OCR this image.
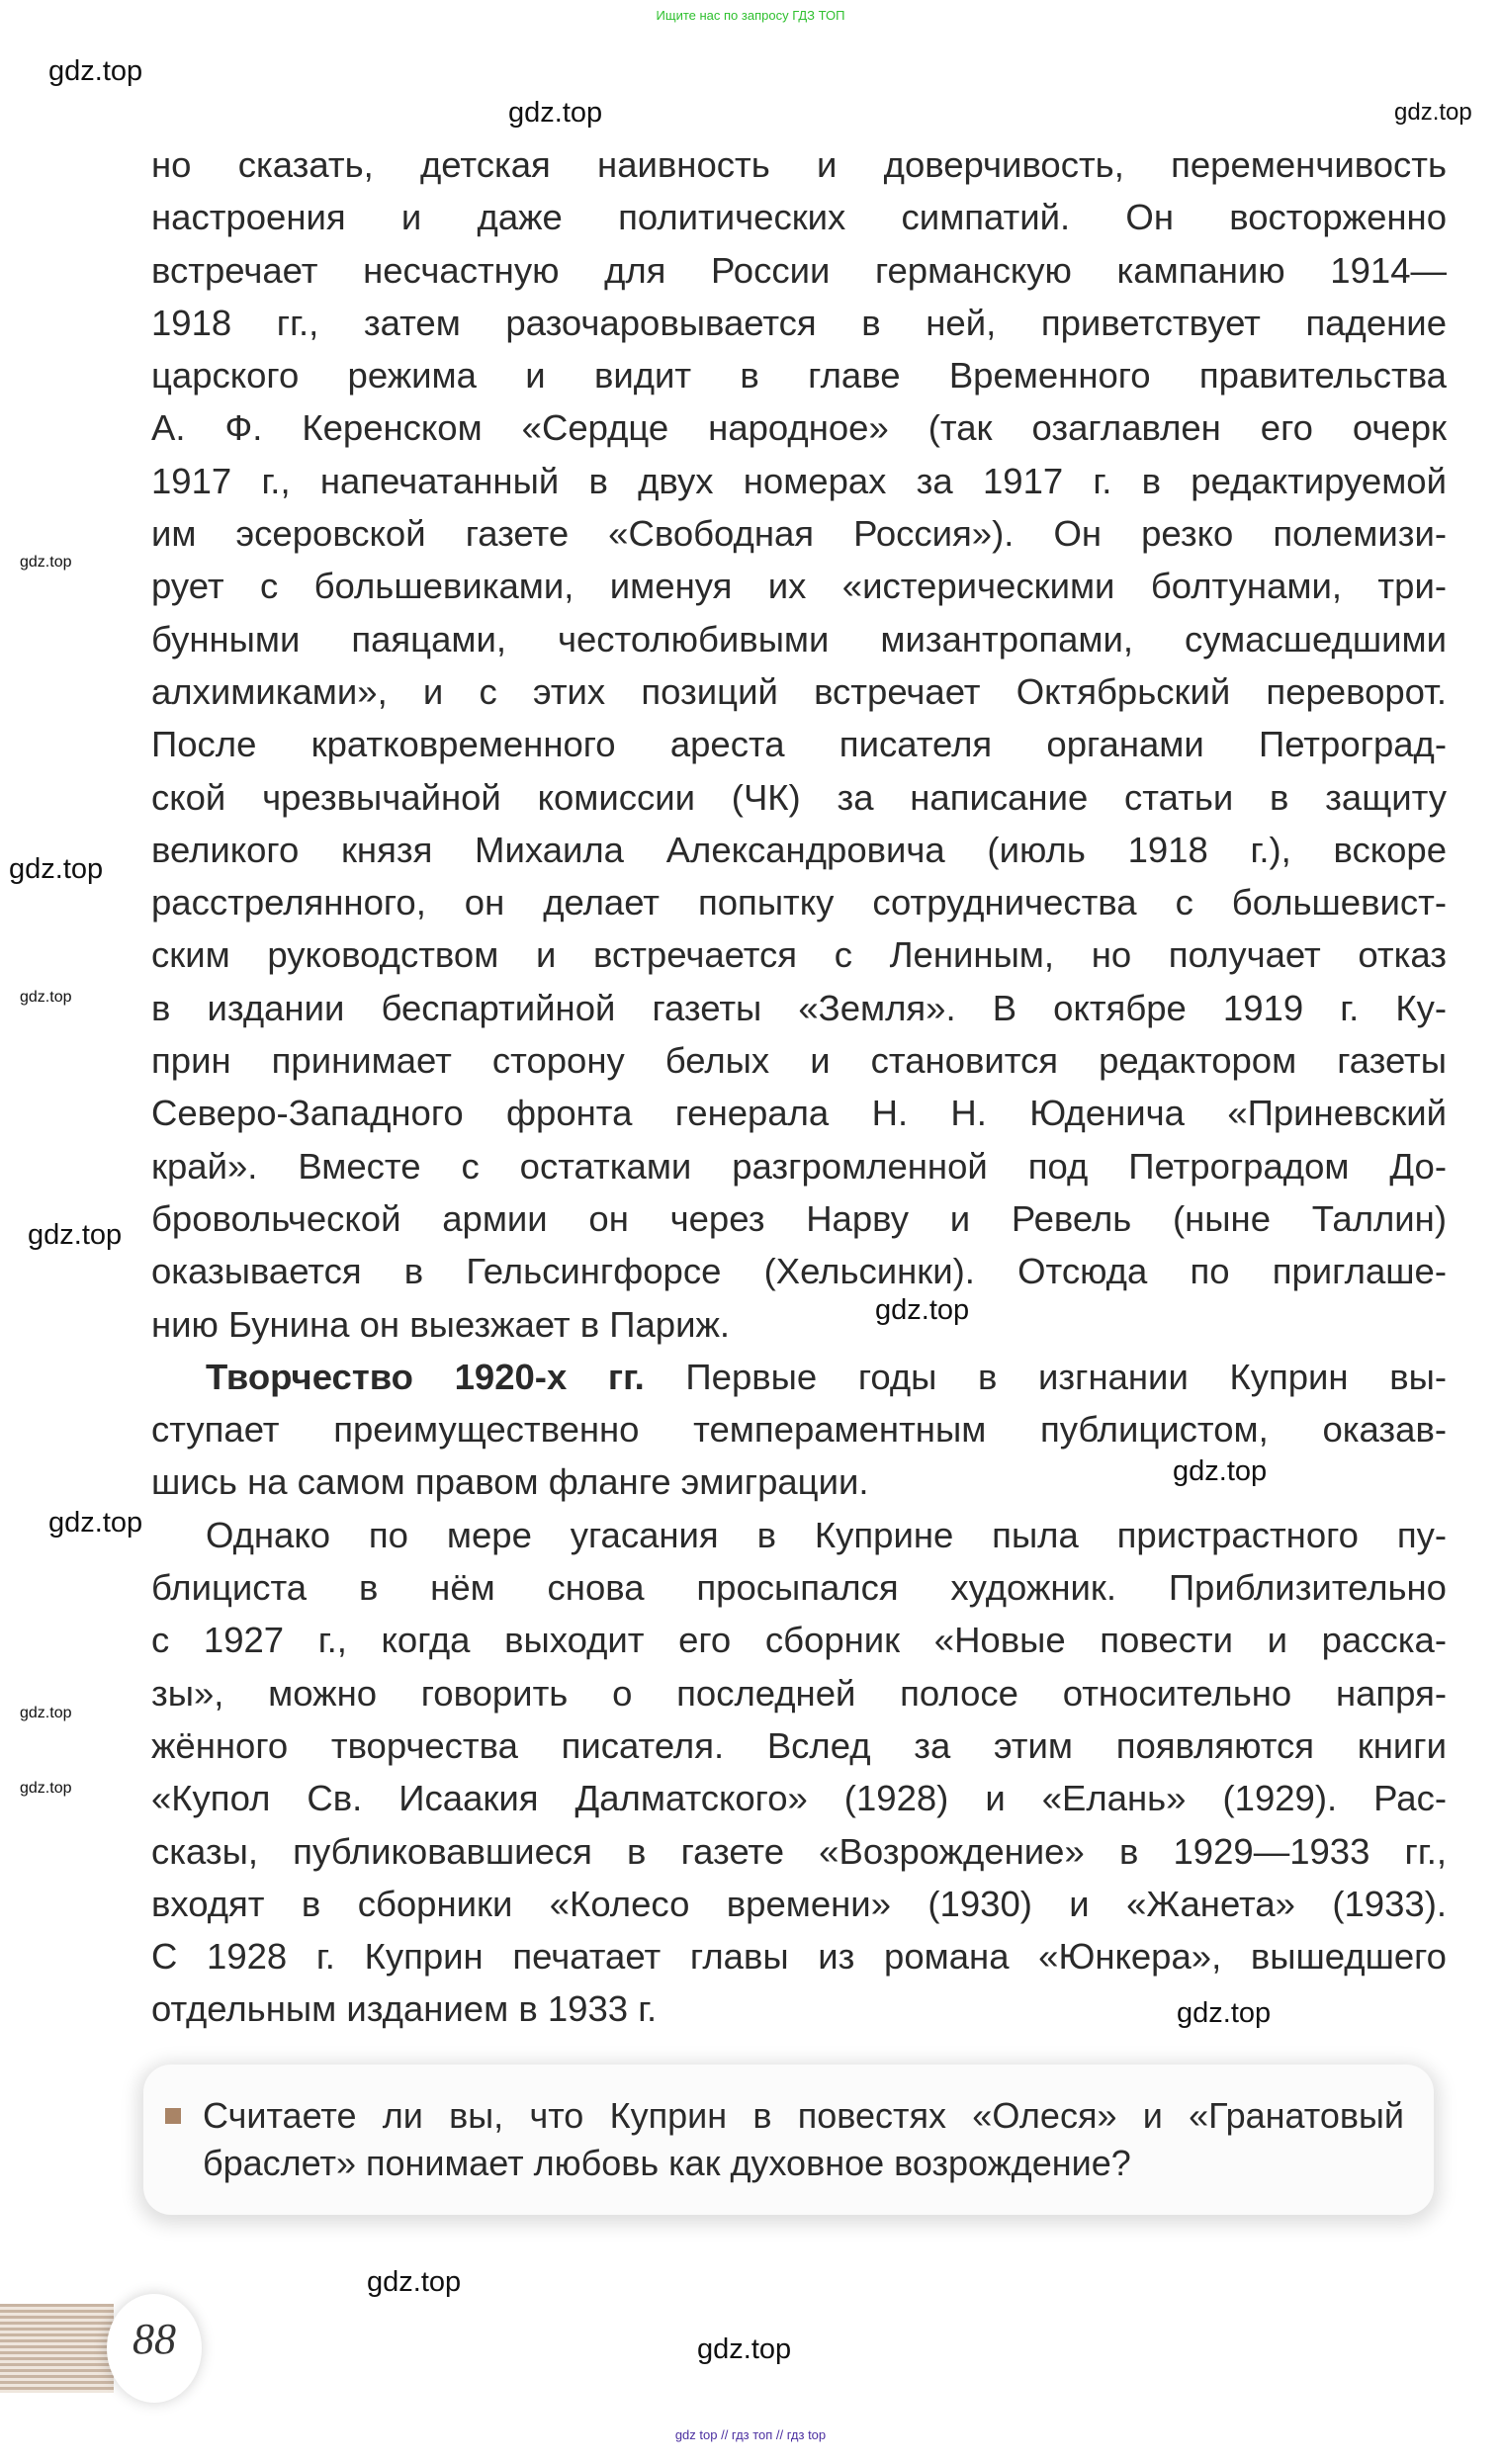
Ищите нас по запросу ГДЗ ТОП
но сказать, детская наивность и доверчивость, переменчивость
настроения и даже политических симпатий. Он восторженно
встречает несчастную для России германскую кампанию 1914—
1918 гг., затем разочаровывается в ней, приветствует падение
царского режима и видит в главе Временного правительства
А. Ф. Керенском «Сердце народное» (так озаглавлен его очерк
1917 г., напечатанный в двух номерах за 1917 г. в редактируемой
им эсеровской газете «Свободная Россия»). Он резко полемизи-
рует с большевиками, именуя их «истерическими болтунами, три-
бунными паяцами, честолюбивыми мизантропами, сумасшедшими
алхимиками», и с этих позиций встречает Октябрьский переворот.
После кратковременного ареста писателя органами Петроград-
ской чрезвычайной комиссии (ЧК) за написание статьи в защиту
великого князя Михаила Александровича (июль 1918 г.), вскоре
расстрелянного, он делает попытку сотрудничества с большевист-
ским руководством и встречается с Лениным, но получает отказ
в издании беспартийной газеты «Земля». В октябре 1919 г. Ку-
прин принимает сторону белых и становится редактором газеты
Северо-Западного фронта генерала Н. Н. Юденича «Приневский
край». Вместе с остатками разгромленной под Петроградом До-
бровольческой армии он через Нарву и Ревель (ныне Таллин)
оказывается в Гельсингфорсе (Хельсинки). Отсюда по приглаше-
нию Бунина он выезжает в Париж.
Творчество 1920-х гг. Первые годы в изгнании Куприн вы-
ступает преимущественно темпераментным публицистом, оказав-
шись на самом правом фланге эмиграции.
Однако по мере угасания в Куприне пыла пристрастного пу-
блициста в нём снова просыпался художник. Приблизительно
с 1927 г., когда выходит его сборник «Новые повести и расска-
зы», можно говорить о последней полосе относительно напря-
жённого творчества писателя. Вслед за этим появляются книги
«Купол Св. Исаакия Далматского» (1928) и «Елань» (1929). Рас-
сказы, публиковавшиеся в газете «Возрождение» в 1929—1933 гг.,
входят в сборники «Колесо времени» (1930) и «Жанета» (1933).
С 1928 г. Куприн печатает главы из романа «Юнкера», вышедшего
отдельным изданием в 1933 г.
Считаете ли вы, что Куприн в повестях «Олеся» и «Гранатовый
браслет» понимает любовь как духовное возрождение?
88
gdz.top
gdz.top	gdz.top
gdz.top
gdz.top
gdz.top
gdz.top
gdz.top
gdz.top
gdz.top
gdz.top
gdz.top
gdz.top
gdz.top
gdz.top
gdz top // гдз топ // гдз top
